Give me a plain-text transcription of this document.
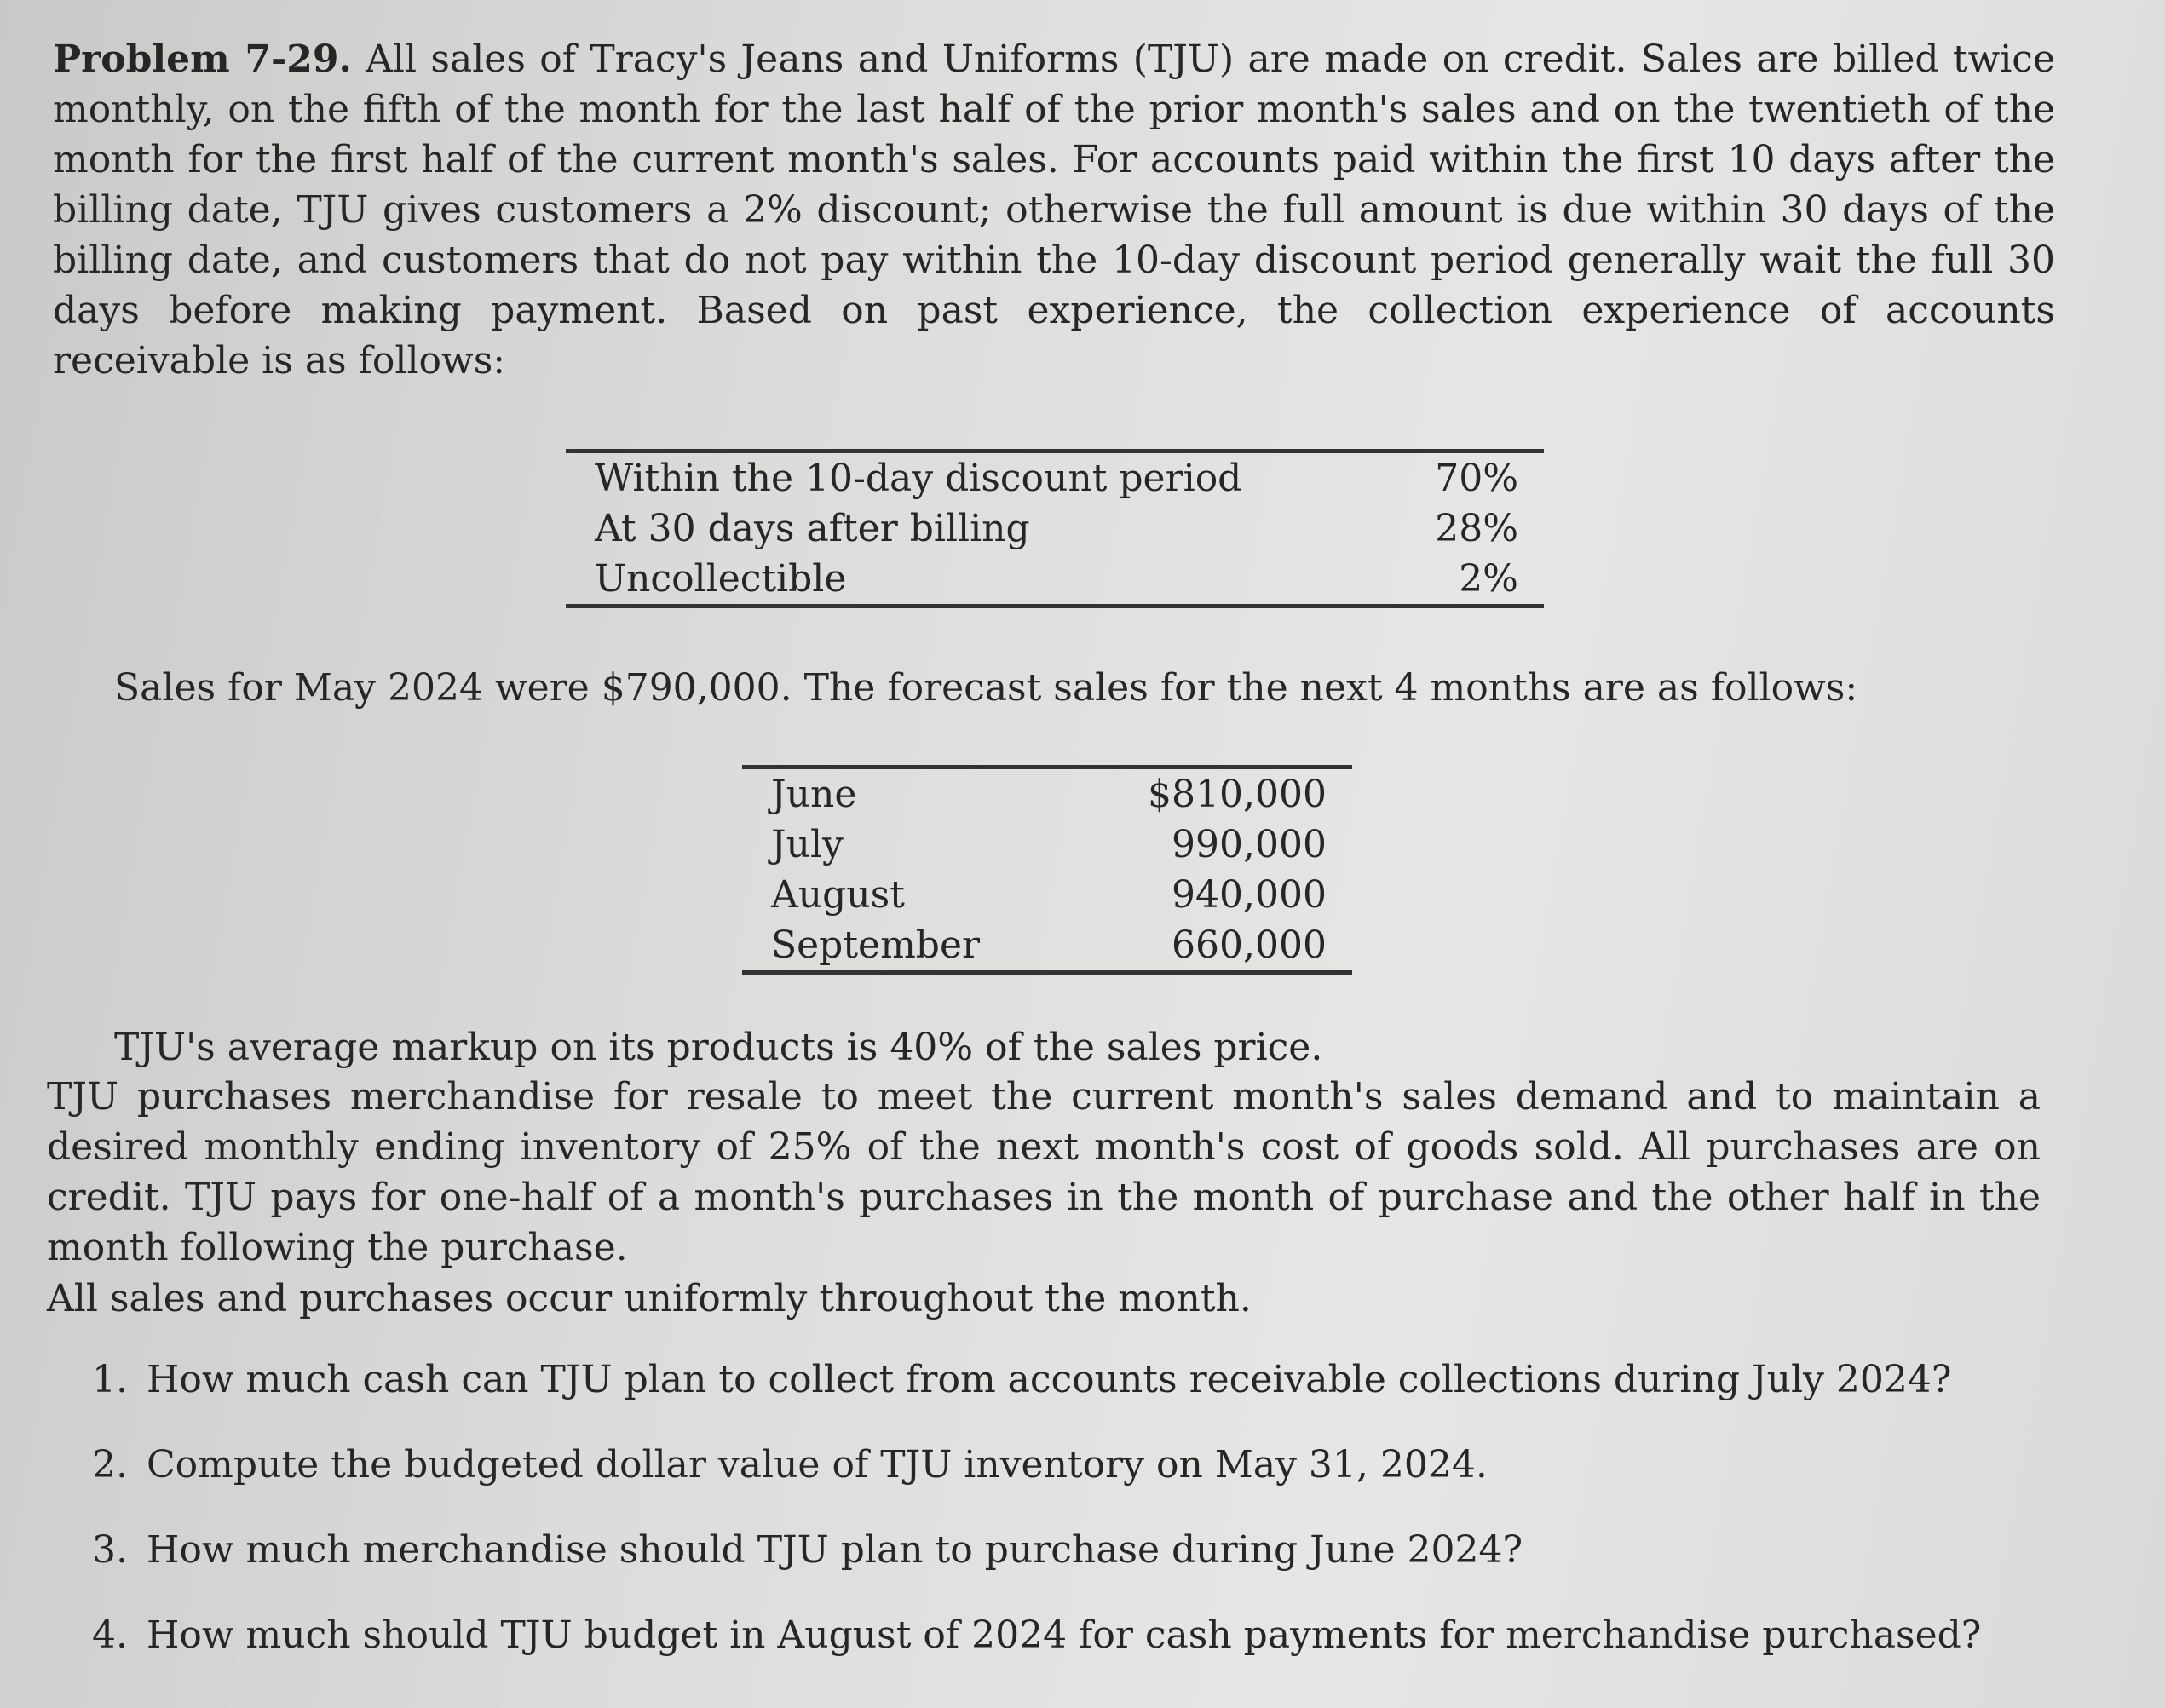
Problem 7-29. All sales of Tracy's Jeans and Uniforms (TJU) are made on credit. Sales are billed twice monthly, on the fifth of the month for the last half of the prior month's sales and on the twentieth of the month for the first half of the current month's sales. For accounts paid within the first 10 days after the billing date, TJU gives customers a 2% discount; otherwise the full amount is due within 30 days of the billing date, and customers that do not pay within the 10-day discount period generally wait the full 30 days before making payment. Based on past experience, the collection experience of accounts receivable is as follows:

Within the 10-day discount period	70%
At 30 days after billing	28%
Uncollectible	2%

Sales for May 2024 were $790,000. The forecast sales for the next 4 months are as follows:

June	$810,000
July	990,000
August	940,000
September	660,000

TJU's average markup on its products is 40% of the sales price.

TJU purchases merchandise for resale to meet the current month's sales demand and to maintain a desired monthly ending inventory of 25% of the next month's cost of goods sold. All purchases are on credit. TJU pays for one-half of a month's purchases in the month of purchase and the other half in the month following the purchase.

All sales and purchases occur uniformly throughout the month.

1. How much cash can TJU plan to collect from accounts receivable collections during July 2024?
2. Compute the budgeted dollar value of TJU inventory on May 31, 2024.
3. How much merchandise should TJU plan to purchase during June 2024?
4. How much should TJU budget in August of 2024 for cash payments for merchandise purchased?
